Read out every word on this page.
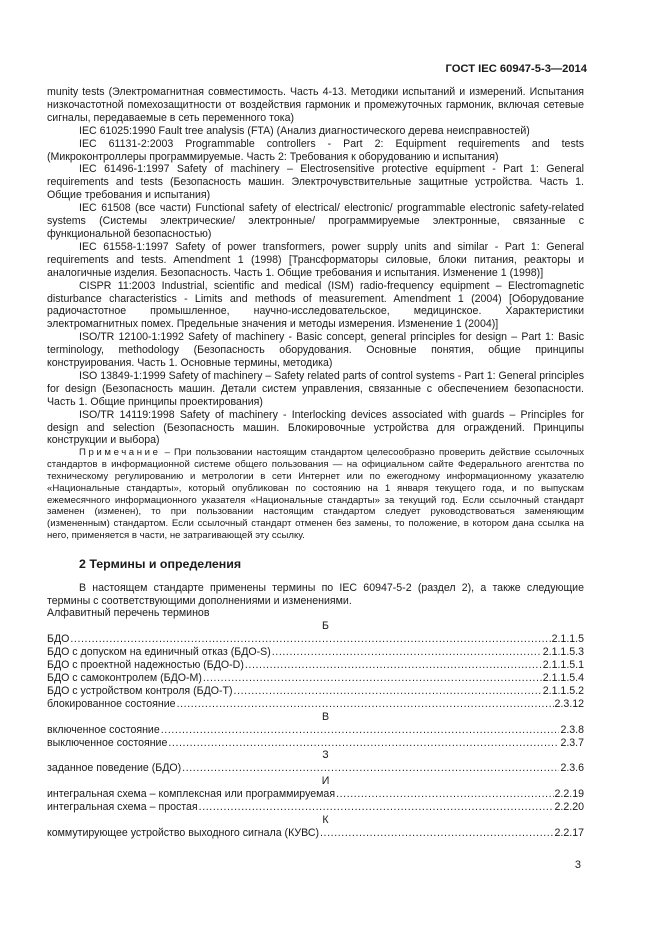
ГОСТ IEC 60947-5-3—2014

munity tests (Электромагнитная совместимость. Часть 4-13. Методики испытаний и измерений. Испытания низкочастотной помехозащитности от воздействия гармоник и промежуточных гармоник, включая сетевые сигналы, передаваемые в сеть переменного тока)

IEC 61025:1990 Fault tree analysis (FTA) (Анализ диагностического дерева неисправностей)

IEC 61131-2:2003 Programmable controllers - Part 2: Equipment requirements and tests (Микроконтроллеры программируемые. Часть 2: Требования к оборудованию и испытания)

IEC 61496-1:1997 Safety of machinery – Electrosensitive protective equipment - Part 1: General requirements and tests (Безопасность машин. Электрочувствительные защитные устройства. Часть 1. Общие требования и испытания)

IEC 61508 (все части) Functional safety of electrical/ electronic/ programmable electronic safety-related systems (Системы электрические/ электронные/ программируемые электронные, связанные с функциональной безопасностью)

IEC 61558-1:1997 Safety of power transformers, power supply units and similar - Part 1: General requirements and tests. Amendment 1 (1998) [Трансформаторы силовые, блоки питания, реакторы и аналогичные изделия. Безопасность. Часть 1. Общие требования и испытания. Изменение 1 (1998)]

CISPR 11:2003 Industrial, scientific and medical (ISM) radio-frequency equipment – Electromagnetic disturbance characteristics - Limits and methods of measurement. Amendment 1 (2004) [Оборудование радиочастотное промышленное, научно-исследовательское, медицинское. Характеристики электромагнитных помех. Предельные значения и методы измерения. Изменение 1 (2004)]

ISO/TR 12100-1:1992 Safety of machinery - Basic concept, general principles for design – Part 1: Basic terminology, methodology (Безопасность оборудования. Основные понятия, общие принципы конструирования. Часть 1. Основные термины, методика)

ISO 13849-1:1999 Safety of machinery – Safety related parts of control systems - Part 1: General principles for design (Безопасность машин. Детали систем управления, связанные с обеспечением безопасности. Часть 1. Общие принципы проектирования)

ISO/TR 14119:1998 Safety of machinery - Interlocking devices associated with guards – Principles for design and selection (Безопасность машин. Блокировочные устройства для ограждений. Принципы конструкции и выбора)

Примечание – При пользовании настоящим стандартом целесообразно проверить действие ссылочных стандартов в информационной системе общего пользования — на официальном сайте Федерального агентства по техническому регулированию и метрологии в сети Интернет или по ежегодному информационному указателю «Национальные стандарты», который опубликован по состоянию на 1 января текущего года, и по выпускам ежемесячного информационного указателя «Национальные стандарты» за текущий год. Если ссылочный стандарт заменен (изменен), то при пользовании настоящим стандартом следует руководствоваться заменяющим (измененным) стандартом. Если ссылочный стандарт отменен без замены, то положение, в котором дана ссылка на него, применяется в части, не затрагивающей эту ссылку.

2 Термины и определения

В настоящем стандарте применены термины по IEC 60947-5-2 (раздел 2), а также следующие термины с соответствующими дополнениями и изменениями.

Алфавитный перечень терминов

Б
БДО .....	2.1.1.5
БДО с допуском на единичный отказ (БДО-S) .....	2.1.1.5.3
БДО с проектной надежностью (БДО-D) .....	2.1.1.5.1
БДО с самоконтролем (БДО-М) .....	2.1.1.5.4
БДО с устройством контроля (БДО-Т) .....	2.1.1.5.2
блокированное состояние .....	2.3.12
В
включенное состояние .....	2.3.8
выключенное состояние .....	2.3.7
З
заданное поведение (БДО) .....	2.3.6
И
интегральная схема – комплексная или программируемая .....	2.2.19
интегральная схема – простая .....	2.2.20
К
коммутирующее устройство выходного сигнала (КУВС) .....	2.2.17
3
